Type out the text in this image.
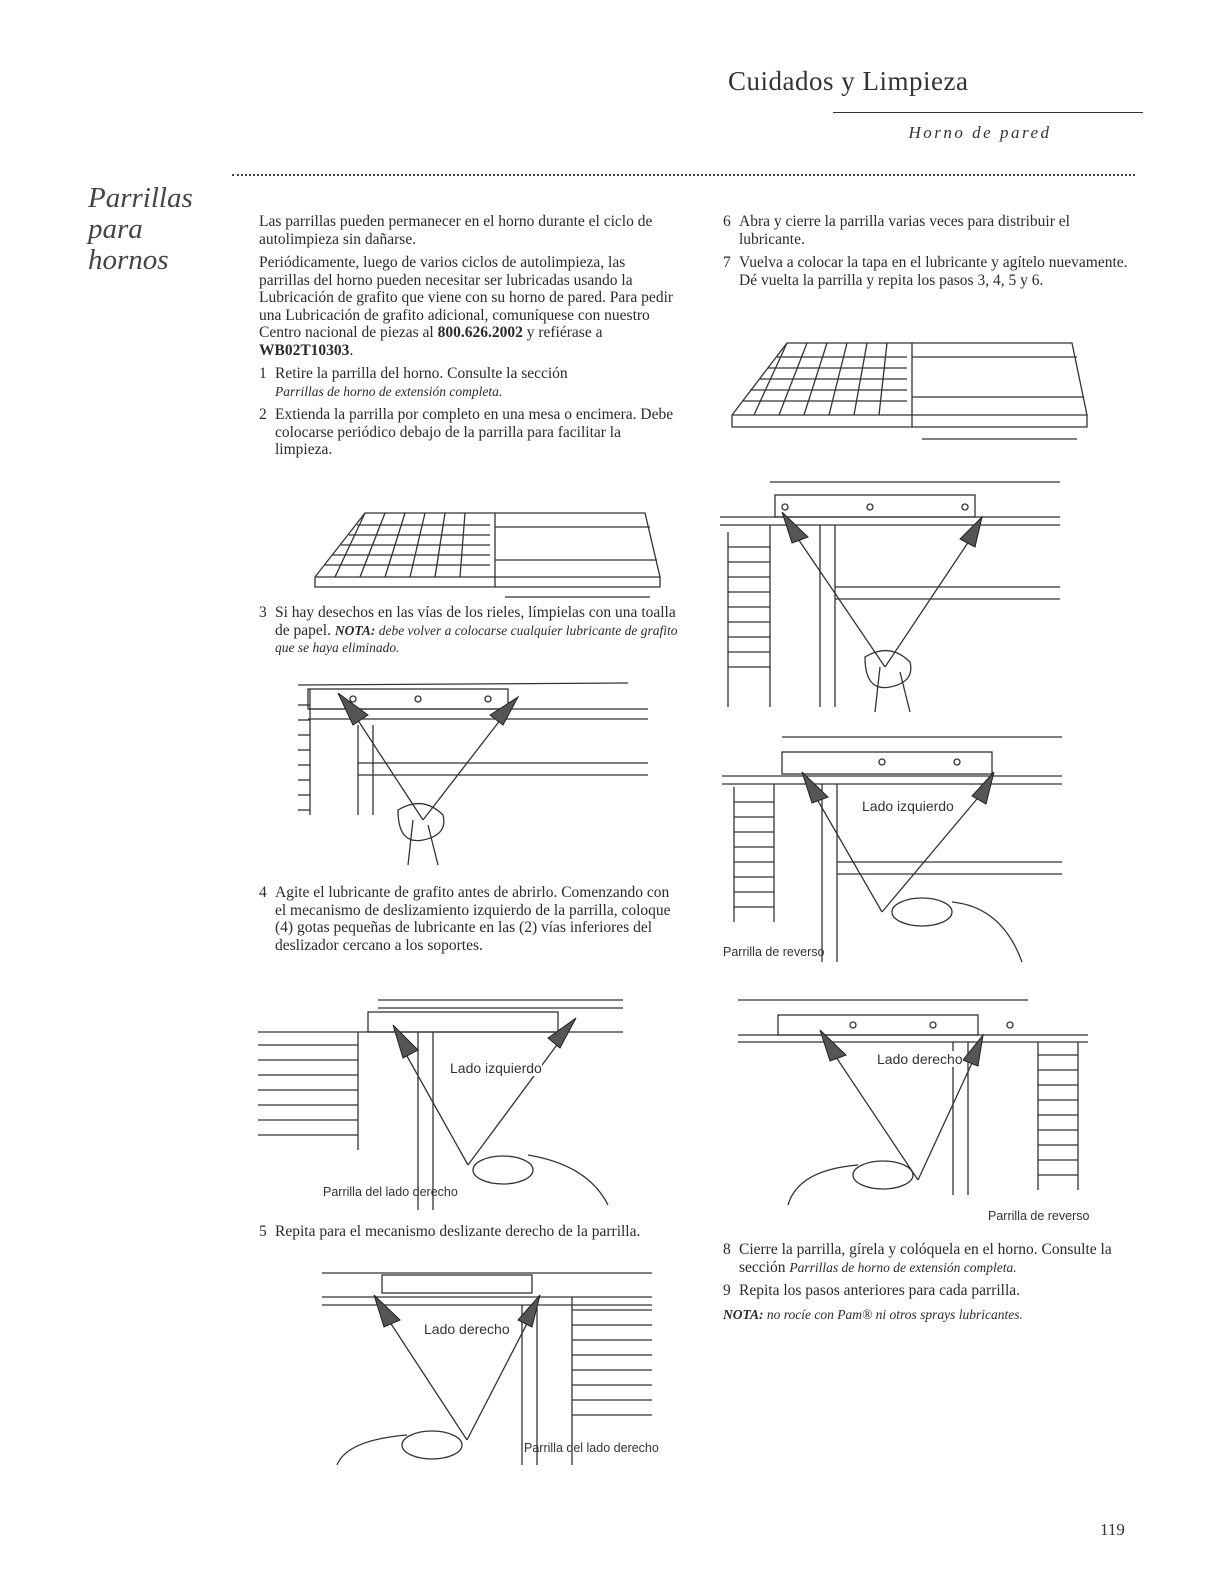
Cuidados y Limpieza
Horno de pared
Parrillas
para
hornos

Las parrillas pueden permanecer en el horno durante el ciclo de autolimpieza sin dañarse.

Periódicamente, luego de varios ciclos de autolimpieza, las parrillas del horno pueden necesitar ser lubricadas usando la Lubricación de grafito que viene con su horno de pared. Para pedir una Lubricación de grafito adicional, comuníquese con nuestro Centro nacional de piezas al 800.626.2002 y refiérase a WB02T10303.

1 Retire la parrilla del horno. Consulte la sección
Parrillas de horno de extensión completa.

2 Extienda la parrilla por completo en una mesa o encimera. Debe colocarse periódico debajo de la parrilla para facilitar la limpieza.

3 Si hay desechos en las vías de los rieles, límpielas con una toalla de papel. NOTA: debe volver a colocarse cualquier lubricante de grafito que se haya eliminado.

4 Agite el lubricante de grafito antes de abrirlo. Comenzando con el mecanismo de deslizamiento izquierdo de la parrilla, coloque (4) gotas pequeñas de lubricante en las (2) vías inferiores del deslizador cercano a los soportes.

Lado izquierdo
Parrilla del lado derecho

5 Repita para el mecanismo deslizante derecho de la parrilla.

Lado derecho
Parrilla del lado derecho

6 Abra y cierre la parrilla varias veces para distribuir el lubricante.

7 Vuelva a colocar la tapa en el lubricante y agítelo nuevamente. Dé vuelta la parrilla y repita los pasos 3, 4, 5 y 6.

Lado izquierdo
Parrilla de reverso
Lado derecho
Parrilla de reverso

8 Cierre la parrilla, gírela y colóquela en el horno. Consulte la sección Parrillas de horno de extensión completa.

9 Repita los pasos anteriores para cada parrilla.

NOTA: no rocíe con Pam® ni otros sprays lubricantes.

119
